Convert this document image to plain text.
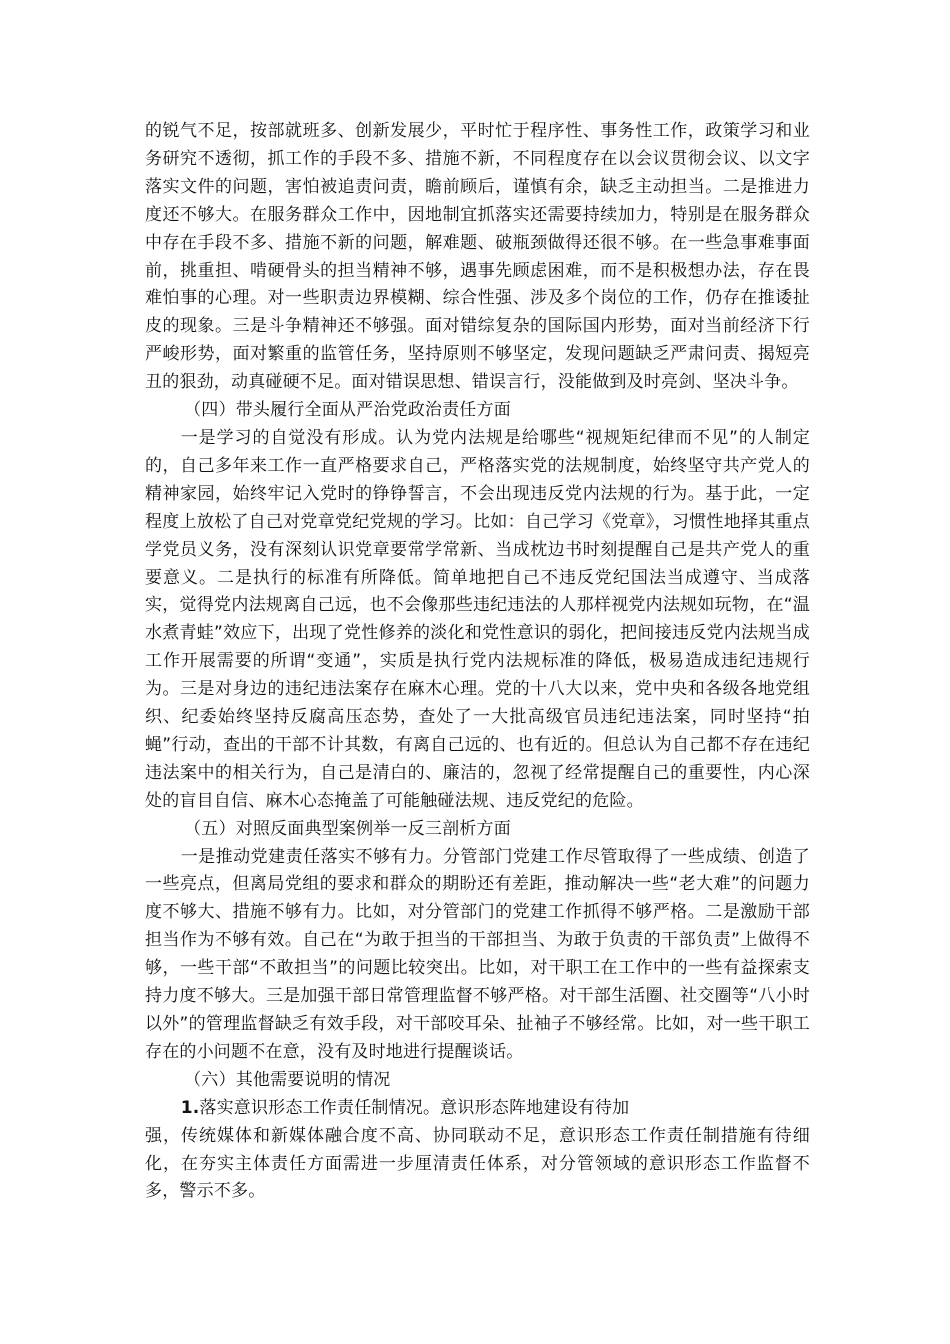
的锐气不足，按部就班多、创新发展少，平时忙于程序性、事务性工作，政策学习和业务研究不透彻，抓工作的手段不多、措施不新，不同程度存在以会议贯彻会议、以文字落实文件的问题，害怕被追责问责，瞻前顾后，谨慎有余，缺乏主动担当。二是推进力度还不够大。在服务群众工作中，因地制宜抓落实还需要持续加力，特别是在服务群众中存在手段不多、措施不新的问题，解难题、破瓶颈做得还很不够。在一些急事难事面前，挑重担、啃硬骨头的担当精神不够，遇事先顾虑困难，而不是积极想办法，存在畏难怕事的心理。对一些职责边界模糊、综合性强、涉及多个岗位的工作，仍存在推诿扯皮的现象。三是斗争精神还不够强。面对错综复杂的国际国内形势，面对当前经济下行严峻形势，面对繁重的监管任务，坚持原则不够坚定，发现问题缺乏严肃问责、揭短亮丑的狠劲，动真碰硬不足。面对错误思想、错误言行，没能做到及时亮剑、坚决斗争。

（四）带头履行全面从严治党政治责任方面

一是学习的自觉没有形成。认为党内法规是给哪些“视规矩纪律而不见”的人制定的，自己多年来工作一直严格要求自己，严格落实党的法规制度，始终坚守共产党人的精神家园，始终牢记入党时的铮铮誓言，不会出现违反党内法规的行为。基于此，一定程度上放松了自己对党章党纪党规的学习。比如：自己学习《党章》，习惯性地择其重点学党员义务，没有深刻认识党章要常学常新、当成枕边书时刻提醒自己是共产党人的重要意义。二是执行的标准有所降低。简单地把自己不违反党纪国法当成遵守、当成落实，觉得党内法规离自己远，也不会像那些违纪违法的人那样视党内法规如玩物，在“温水煮青蛙”效应下，出现了党性修养的淡化和党性意识的弱化，把间接违反党内法规当成工作开展需要的所谓“变通”，实质是执行党内法规标准的降低，极易造成违纪违规行为。三是对身边的违纪违法案存在麻木心理。党的十八大以来，党中央和各级各地党组织、纪委始终坚持反腐高压态势，查处了一大批高级官员违纪违法案，同时坚持“拍蝇”行动，查出的干部不计其数，有离自己远的、也有近的。但总认为自己都不存在违纪违法案中的相关行为，自己是清白的、廉洁的，忽视了经常提醒自己的重要性，内心深处的盲目自信、麻木心态掩盖了可能触碰法规、违反党纪的危险。

（五）对照反面典型案例举一反三剖析方面

一是推动党建责任落实不够有力。分管部门党建工作尽管取得了一些成绩、创造了一些亮点，但离局党组的要求和群众的期盼还有差距，推动解决一些“老大难”的问题力度不够大、措施不够有力。比如，对分管部门的党建工作抓得不够严格。二是激励干部担当作为不够有效。自己在“为敢于担当的干部担当、为敢于负责的干部负责”上做得不够，一些干部“不敢担当”的问题比较突出。比如，对干职工在工作中的一些有益探索支持力度不够大。三是加强干部日常管理监督不够严格。对干部生活圈、社交圈等“八小时以外”的管理监督缺乏有效手段，对干部咬耳朵、扯袖子不够经常。比如，对一些干职工存在的小问题不在意，没有及时地进行提醒谈话。

（六）其他需要说明的情况

1.落实意识形态工作责任制情况。意识形态阵地建设有待加

强，传统媒体和新媒体融合度不高、协同联动不足，意识形态工作责任制措施有待细化，在夯实主体责任方面需进一步厘清责任体系，对分管领域的意识形态工作监督不多，警示不多。
